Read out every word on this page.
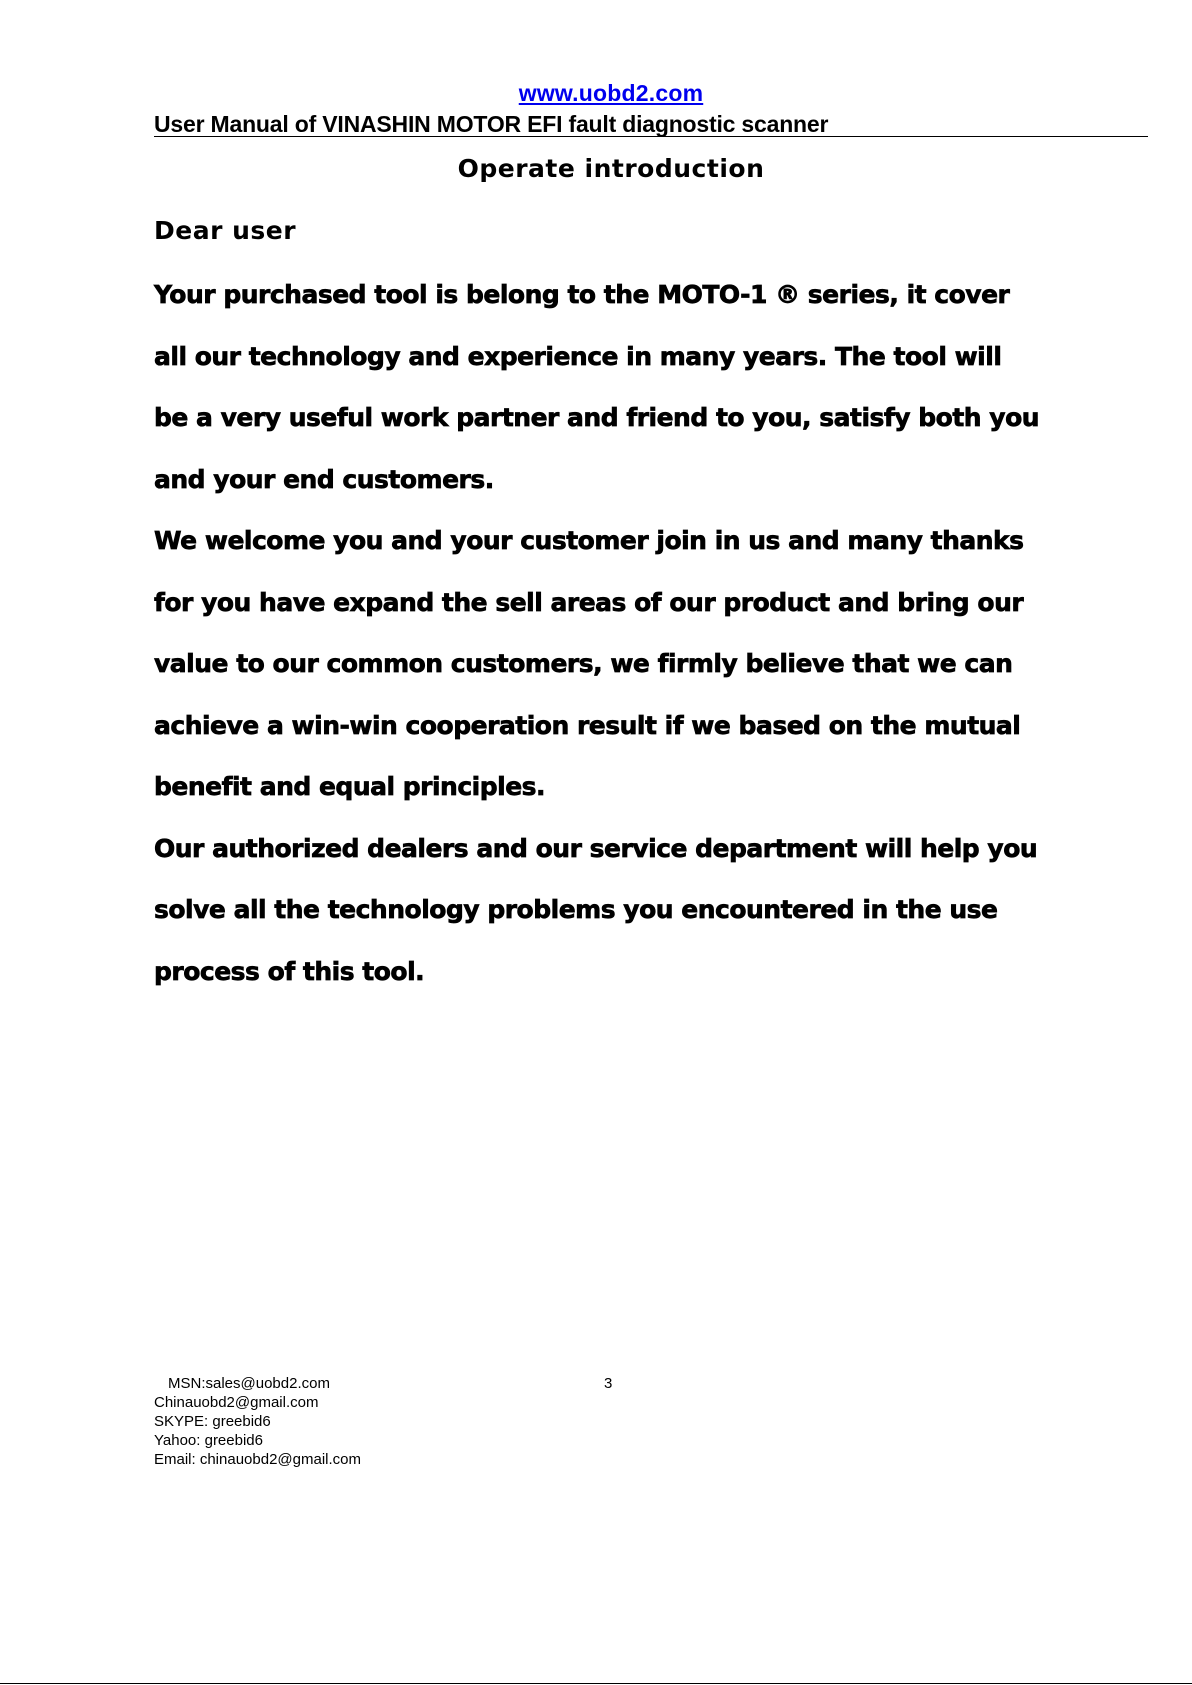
www.uobd2.com
User Manual of VINASHIN MOTOR EFI fault diagnostic scanner
Operate introduction
Dear user
Your purchased tool is belong to the MOTO-1 ® series, it cover
all our technology and experience in many years. The tool will
be a very useful work partner and friend to you, satisfy both you
and your end customers.
We welcome you and your customer join in us and many thanks
for you have expand the sell areas of our product and bring our
value to our common customers, we firmly believe that we can
achieve a win-win cooperation result if we based on the mutual
benefit and equal principles.
Our authorized dealers and our service department will help you
solve all the technology problems you encountered in the use
process of this tool.
MSN:sales@uobd2.com
Chinauobd2@gmail.com
SKYPE: greebid6
Yahoo: greebid6
Email: chinauobd2@gmail.com
3
